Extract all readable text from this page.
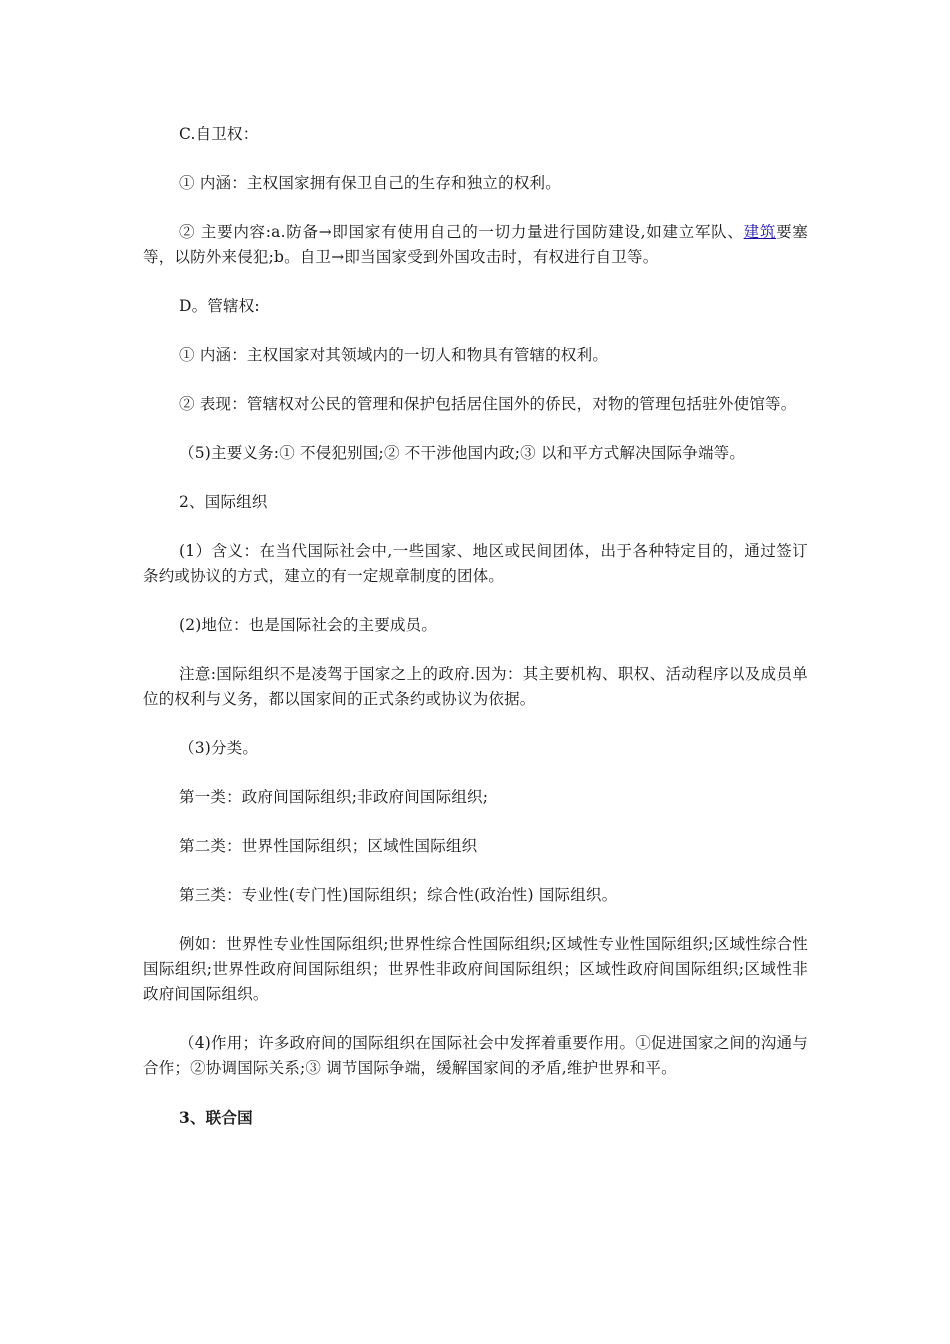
C.自卫权：

① 内涵：主权国家拥有保卫自己的生存和独立的权利。

② 主要内容:a.防备→即国家有使用自己的一切力量进行国防建设,如建立军队、建筑要塞等，以防外来侵犯;b。自卫→即当国家受到外国攻击时，有权进行自卫等。

D。管辖权:

① 内涵：主权国家对其领域内的一切人和物具有管辖的权利。

② 表现：管辖权对公民的管理和保护包括居住国外的侨民，对物的管理包括驻外使馆等。

（5)主要义务:① 不侵犯别国;② 不干涉他国内政;③ 以和平方式解决国际争端等。

2、国际组织

(1）含义：在当代国际社会中,一些国家、地区或民间团体，出于各种特定目的，通过签订条约或协议的方式，建立的有一定规章制度的团体。

(2)地位：也是国际社会的主要成员。

注意:国际组织不是凌驾于国家之上的政府.因为：其主要机构、职权、活动程序以及成员单位的权利与义务，都以国家间的正式条约或协议为依据。

（3)分类。

第一类：政府间国际组织;非政府间国际组织;

第二类：世界性国际组织；区域性国际组织

第三类：专业性(专门性)国际组织；综合性(政治性) 国际组织。

例如：世界性专业性国际组织;世界性综合性国际组织;区域性专业性国际组织;区域性综合性国际组织;世界性政府间国际组织；世界性非政府间国际组织；区域性政府间国际组织;区域性非政府间国际组织。

（4)作用；许多政府间的国际组织在国际社会中发挥着重要作用。①促进国家之间的沟通与合作；②协调国际关系;③ 调节国际争端，缓解国家间的矛盾,维护世界和平。

3、联合国
